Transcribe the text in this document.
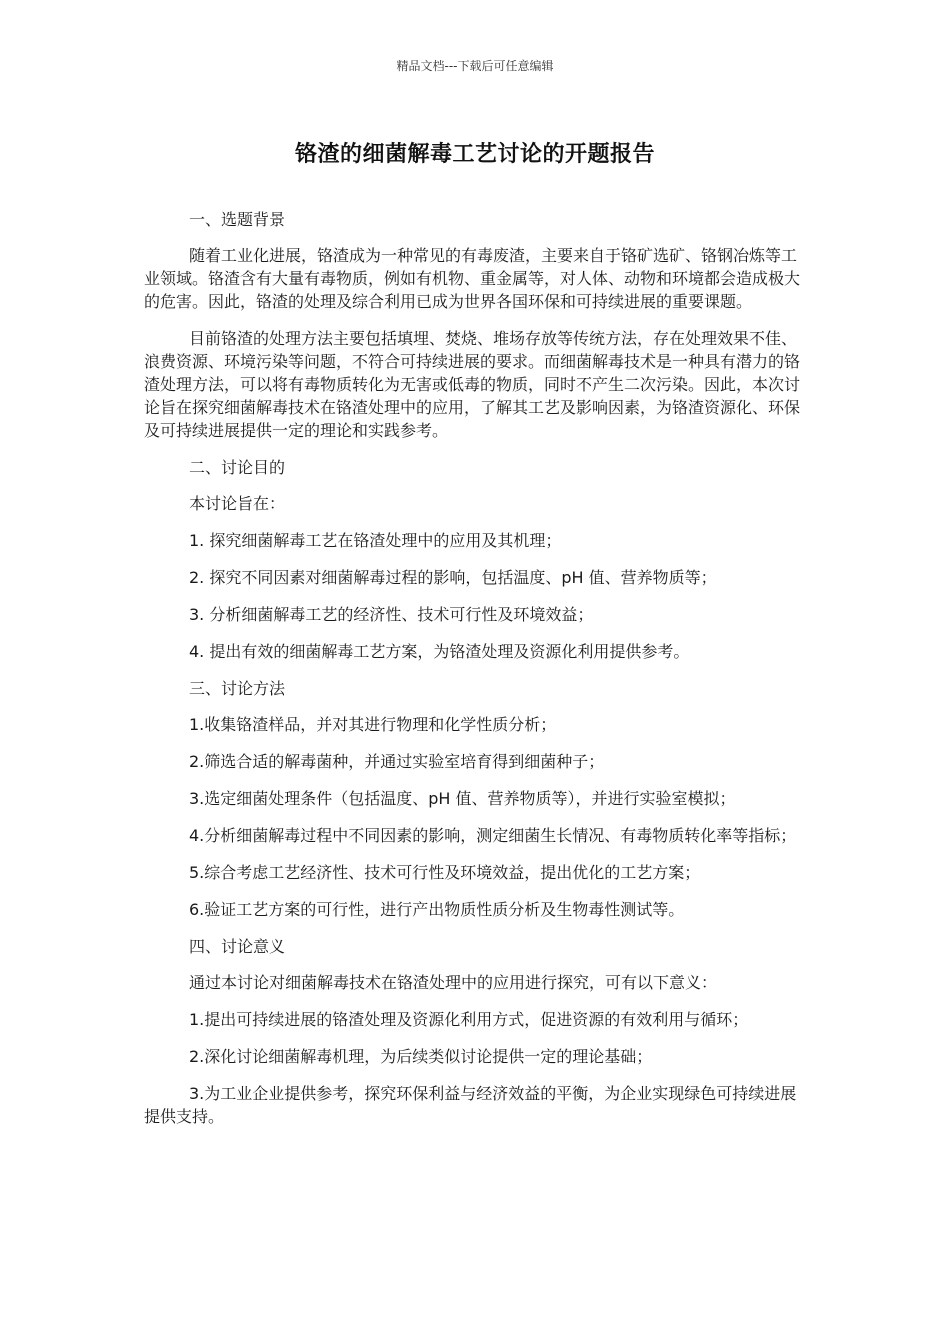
精品文档---下载后可任意编辑
铬渣的细菌解毒工艺讨论的开题报告

一、选题背景

随着工业化进展，铬渣成为一种常见的有毒废渣，主要来自于铬矿选矿、铬钢冶炼等工业领域。铬渣含有大量有毒物质，例如有机物、重金属等，对人体、动物和环境都会造成极大的危害。因此，铬渣的处理及综合利用已成为世界各国环保和可持续进展的重要课题。

目前铬渣的处理方法主要包括填埋、焚烧、堆场存放等传统方法，存在处理效果不佳、浪费资源、环境污染等问题，不符合可持续进展的要求。而细菌解毒技术是一种具有潜力的铬渣处理方法，可以将有毒物质转化为无害或低毒的物质，同时不产生二次污染。因此，本次讨论旨在探究细菌解毒技术在铬渣处理中的应用，了解其工艺及影响因素，为铬渣资源化、环保及可持续进展提供一定的理论和实践参考。

二、讨论目的

本讨论旨在：

1. 探究细菌解毒工艺在铬渣处理中的应用及其机理；

2. 探究不同因素对细菌解毒过程的影响，包括温度、pH 值、营养物质等；

3. 分析细菌解毒工艺的经济性、技术可行性及环境效益；

4. 提出有效的细菌解毒工艺方案，为铬渣处理及资源化利用提供参考。

三、讨论方法

1.收集铬渣样品，并对其进行物理和化学性质分析；

2.筛选合适的解毒菌种，并通过实验室培育得到细菌种子；

3.选定细菌处理条件（包括温度、pH 值、营养物质等），并进行实验室模拟；

4.分析细菌解毒过程中不同因素的影响，测定细菌生长情况、有毒物质转化率等指标；

5.综合考虑工艺经济性、技术可行性及环境效益，提出优化的工艺方案；

6.验证工艺方案的可行性，进行产出物质性质分析及生物毒性测试等。

四、讨论意义

通过本讨论对细菌解毒技术在铬渣处理中的应用进行探究，可有以下意义：

1.提出可持续进展的铬渣处理及资源化利用方式，促进资源的有效利用与循环；

2.深化讨论细菌解毒机理，为后续类似讨论提供一定的理论基础；

3.为工业企业提供参考，探究环保利益与经济效益的平衡，为企业实现绿色可持续进展提供支持。
